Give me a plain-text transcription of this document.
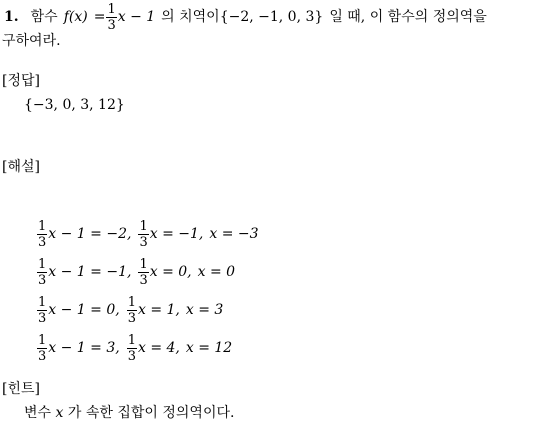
1. 함수 $f(x) = \frac{1}{3}$ x − 1 의 치역이 {−2, −1, 0, 3} 일 때, 이 함수의 정의역을
구하여라.
[정답]
{−3, 0, 3, 12}
[해설]
$\frac{1}{3}$ x − 1 = −2, $\frac{1}{3}$ x = −1, x = −3
$\frac{1}{3}$ x − 1 = −1, $\frac{1}{3}$ x = 0, x = 0
$\frac{1}{3}$ x − 1 = 0, $\frac{1}{3}$ x = 1, x = 3
$\frac{1}{3}$ x − 1 = 3, $\frac{1}{3}$ x = 4, x = 12
[힌트]
변수 x 가 속한 집합이 정의역이다.
